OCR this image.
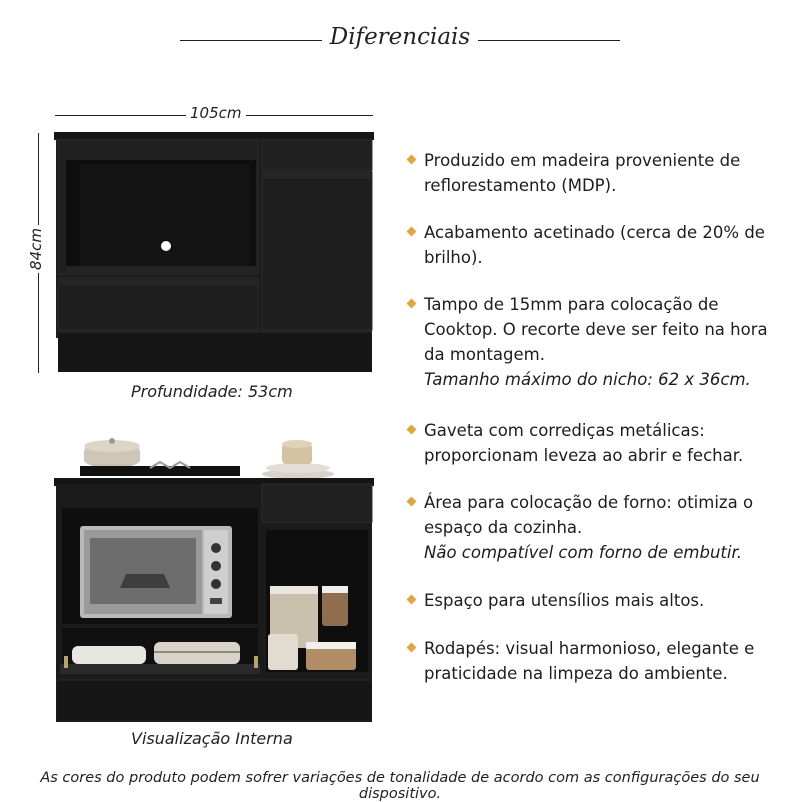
Diferenciais
105cm
84cm
Profundidade: 53cm
Visualização Interna
Produzido em madeira proveniente de
reflorestamento (MDP).
Acabamento acetinado (cerca de 20% de
brilho).
Tampo de 15mm para colocação de
Cooktop. O recorte deve ser feito na hora
da montagem.
Tamanho máximo do nicho: 62 x 36cm.
Gaveta com corrediças metálicas:
proporcionam leveza ao abrir e fechar.
Área para colocação de forno: otimiza o
espaço da cozinha.
Não compatível com forno de embutir.
Espaço para utensílios mais altos.
Rodapés: visual harmonioso, elegante e
praticidade na limpeza do ambiente.
As cores do produto podem sofrer variações de tonalidade de acordo com as configurações do seu dispositivo.
